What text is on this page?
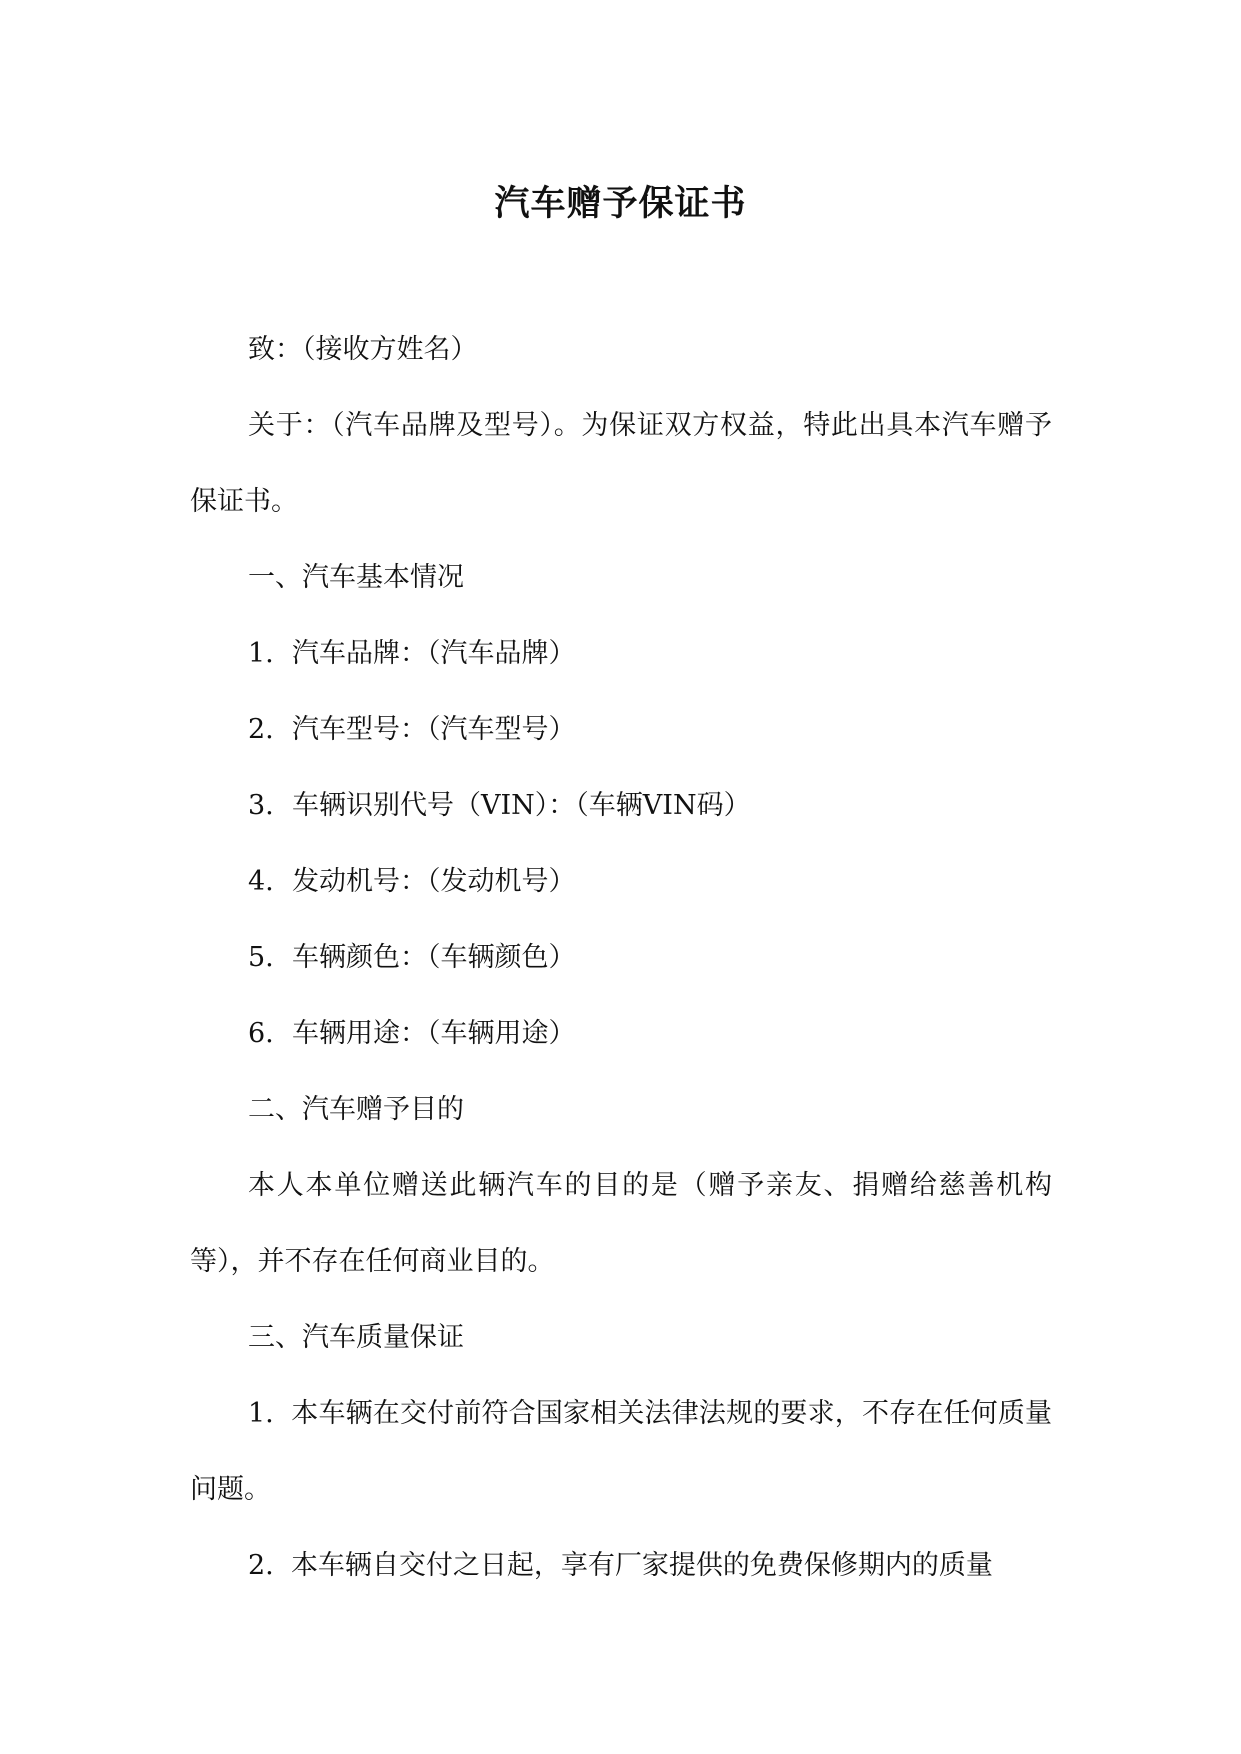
汽车赠予保证书

致：（接收方姓名）

关于：（汽车品牌及型号）。为保证双方权益，特此出具本汽车赠予保证书。

一、汽车基本情况

1. 汽车品牌：（汽车品牌）

2. 汽车型号：（汽车型号）

3. 车辆识别代号（VIN）：（车辆VIN码）

4. 发动机号：（发动机号）

5. 车辆颜色：（车辆颜色）

6. 车辆用途：（车辆用途）

二、汽车赠予目的

本人本单位赠送此辆汽车的目的是（赠予亲友、捐赠给慈善机构等），并不存在任何商业目的。

三、汽车质量保证

1. 本车辆在交付前符合国家相关法律法规的要求，不存在任何质量问题。

2. 本车辆自交付之日起，享有厂家提供的免费保修期内的质量
